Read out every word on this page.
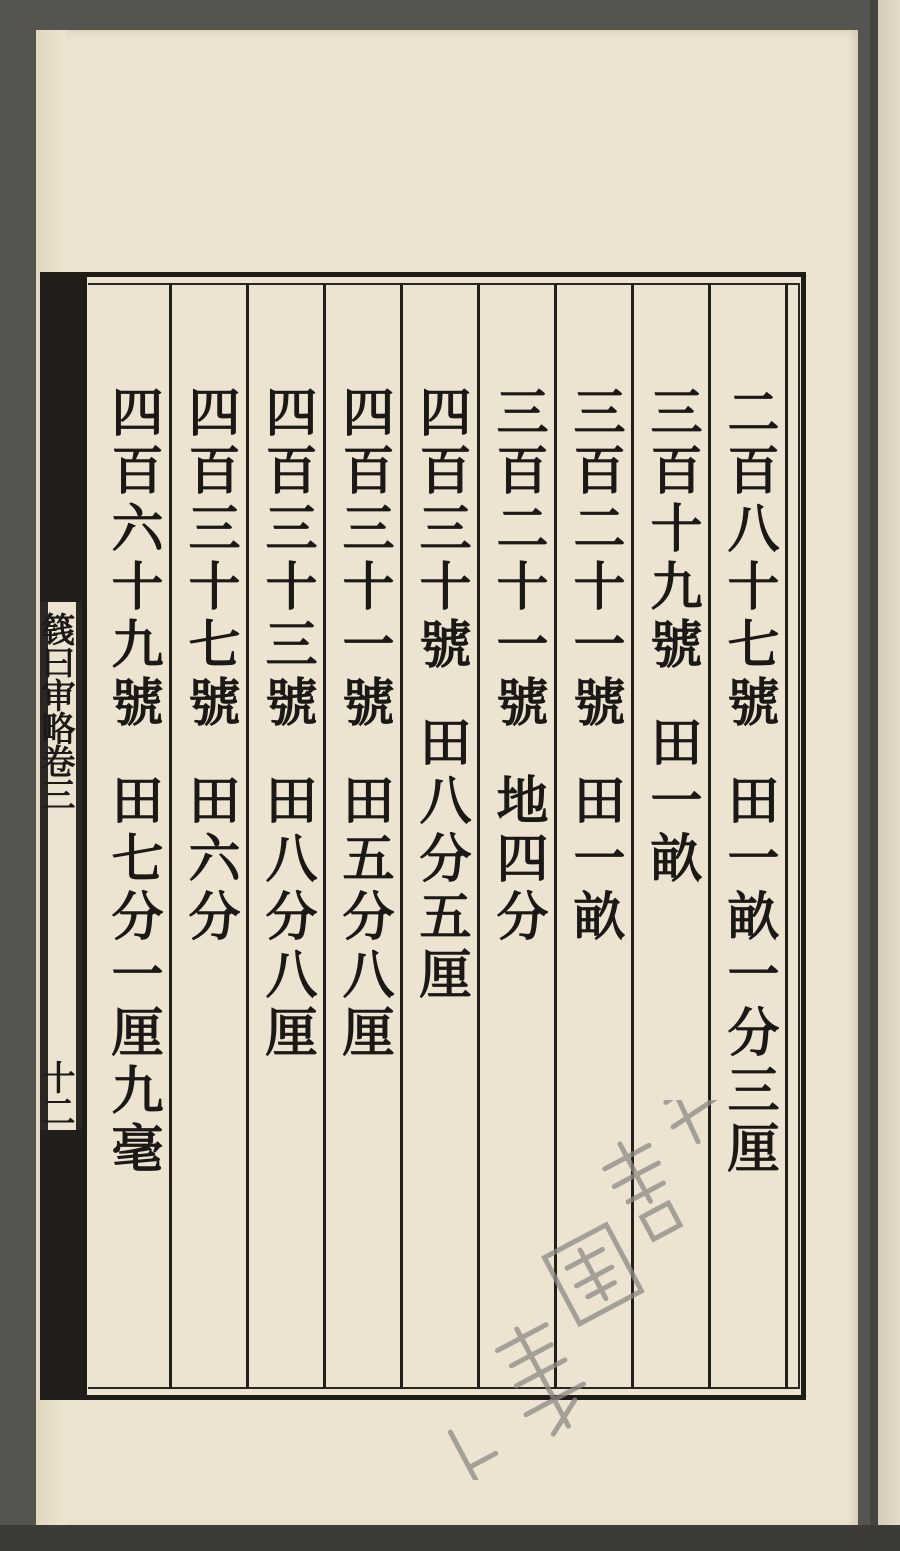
篯曰审略卷三
十二
二百八十七號田一畝一分三厘
三百十九號田一畝
三百二十一號田一畝
三百二十一號地四分
四百三十號田八分五厘
四百三十一號田五分八厘
四百三十三號田八分八厘
四百三十七號田六分
四百六十九號田七分一厘九毫
